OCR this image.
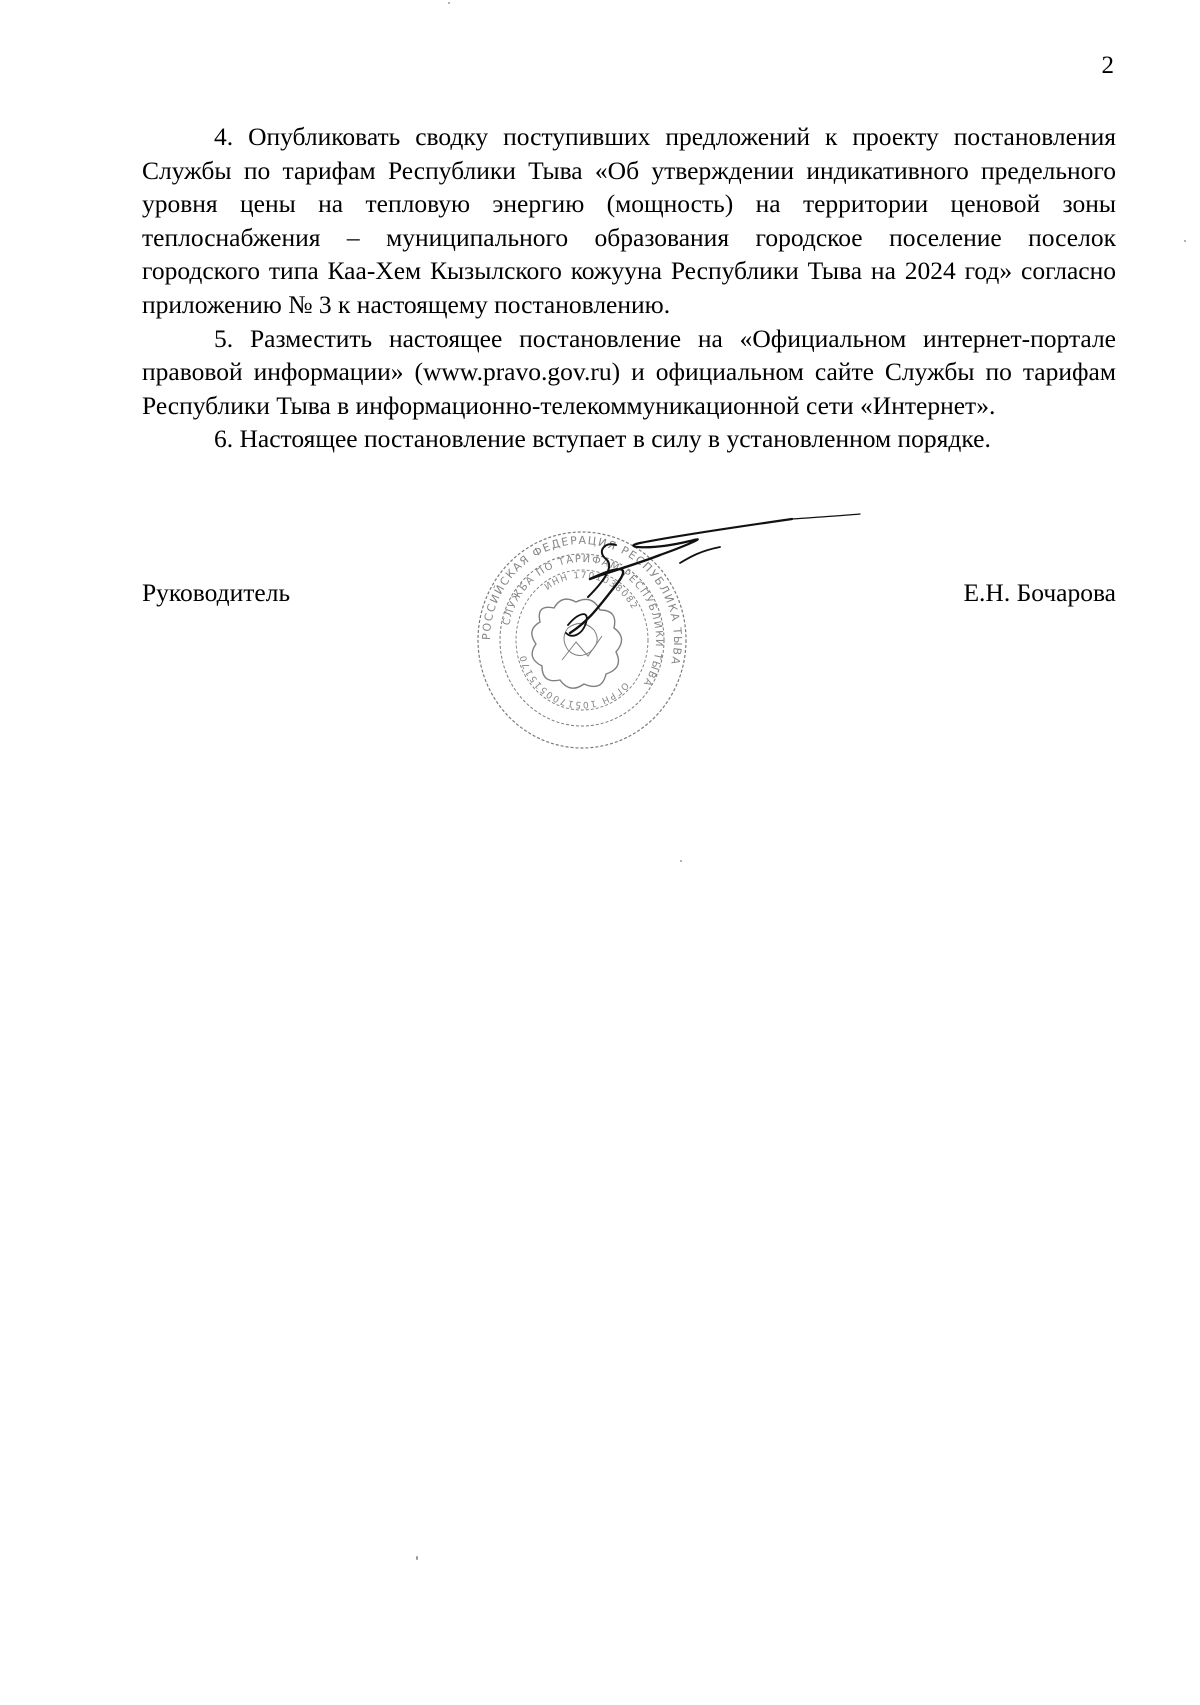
2

4. Опубликовать сводку поступивших предложений к проекту постановления Службы по тарифам Республики Тыва «Об утверждении индикативного предельного уровня цены на тепловую энергию (мощность) на территории ценовой зоны теплоснабжения – муниципального образования городское поселение поселок городского типа Каа-Хем Кызылского кожууна Республики Тыва на 2024 год» согласно приложению № 3 к настоящему постановлению.

5. Разместить настоящее постановление на «Официальном интернет-портале правовой информации» (www.pravo.gov.ru) и официальном сайте Службы по тарифам Республики Тыва в информационно-телекоммуникационной сети «Интернет».

6. Настоящее постановление вступает в силу в установленном порядке.

РОССИЙСКАЯ ФЕДЕРАЦИЯ РЕСПУБЛИКА ТЫВА
СЛУЖБА ПО ТАРИФАМ РЕСПУБЛИКИ ТЫВА
ОГРН 1051700515170
ИНН 1701038082
Руководитель	Е.Н. Бочарова
